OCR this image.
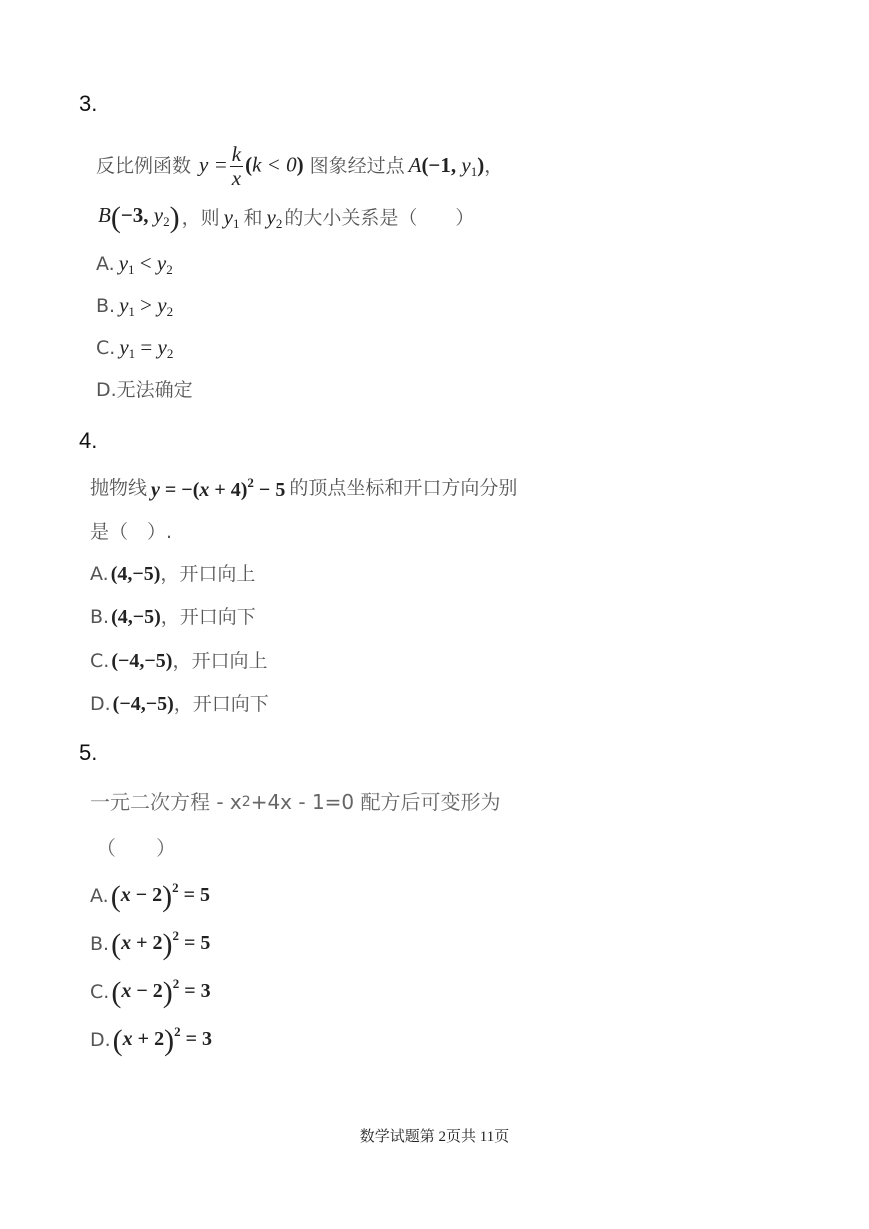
3.
反比例函数 $y = \frac{k}{x} (k < 0)$ 图象经过点 A(−1, $y_1$) ，
B(−3, $y_2$) ，则 $y_1$ 和 $y_2$ 的大小关系是（　　）
A. $y_1 < y_2$
B. $y_1 > y_2$
C. $y_1 = y_2$
D. 无法确定
4.
抛物线 $y = -(x + 4)^2 - 5$ 的顶点坐标和开口方向分别
是（　）.
A. (4,−5) ，开口向上
B. (4,−5) ，开口向下
C. (−4,−5) ，开口向上
D. (−4,−5) ，开口向下
5.
一元二次方程 - x 2 +4x - 1=0 配方后可变形为
（　　）
A. $(x - 2)^2 = 5$
B. $(x + 2)^2 = 5$
C. $(x - 2)^2 = 3$
D. $(x + 2)^2 = 3$
数学试题第 2页共 11页
